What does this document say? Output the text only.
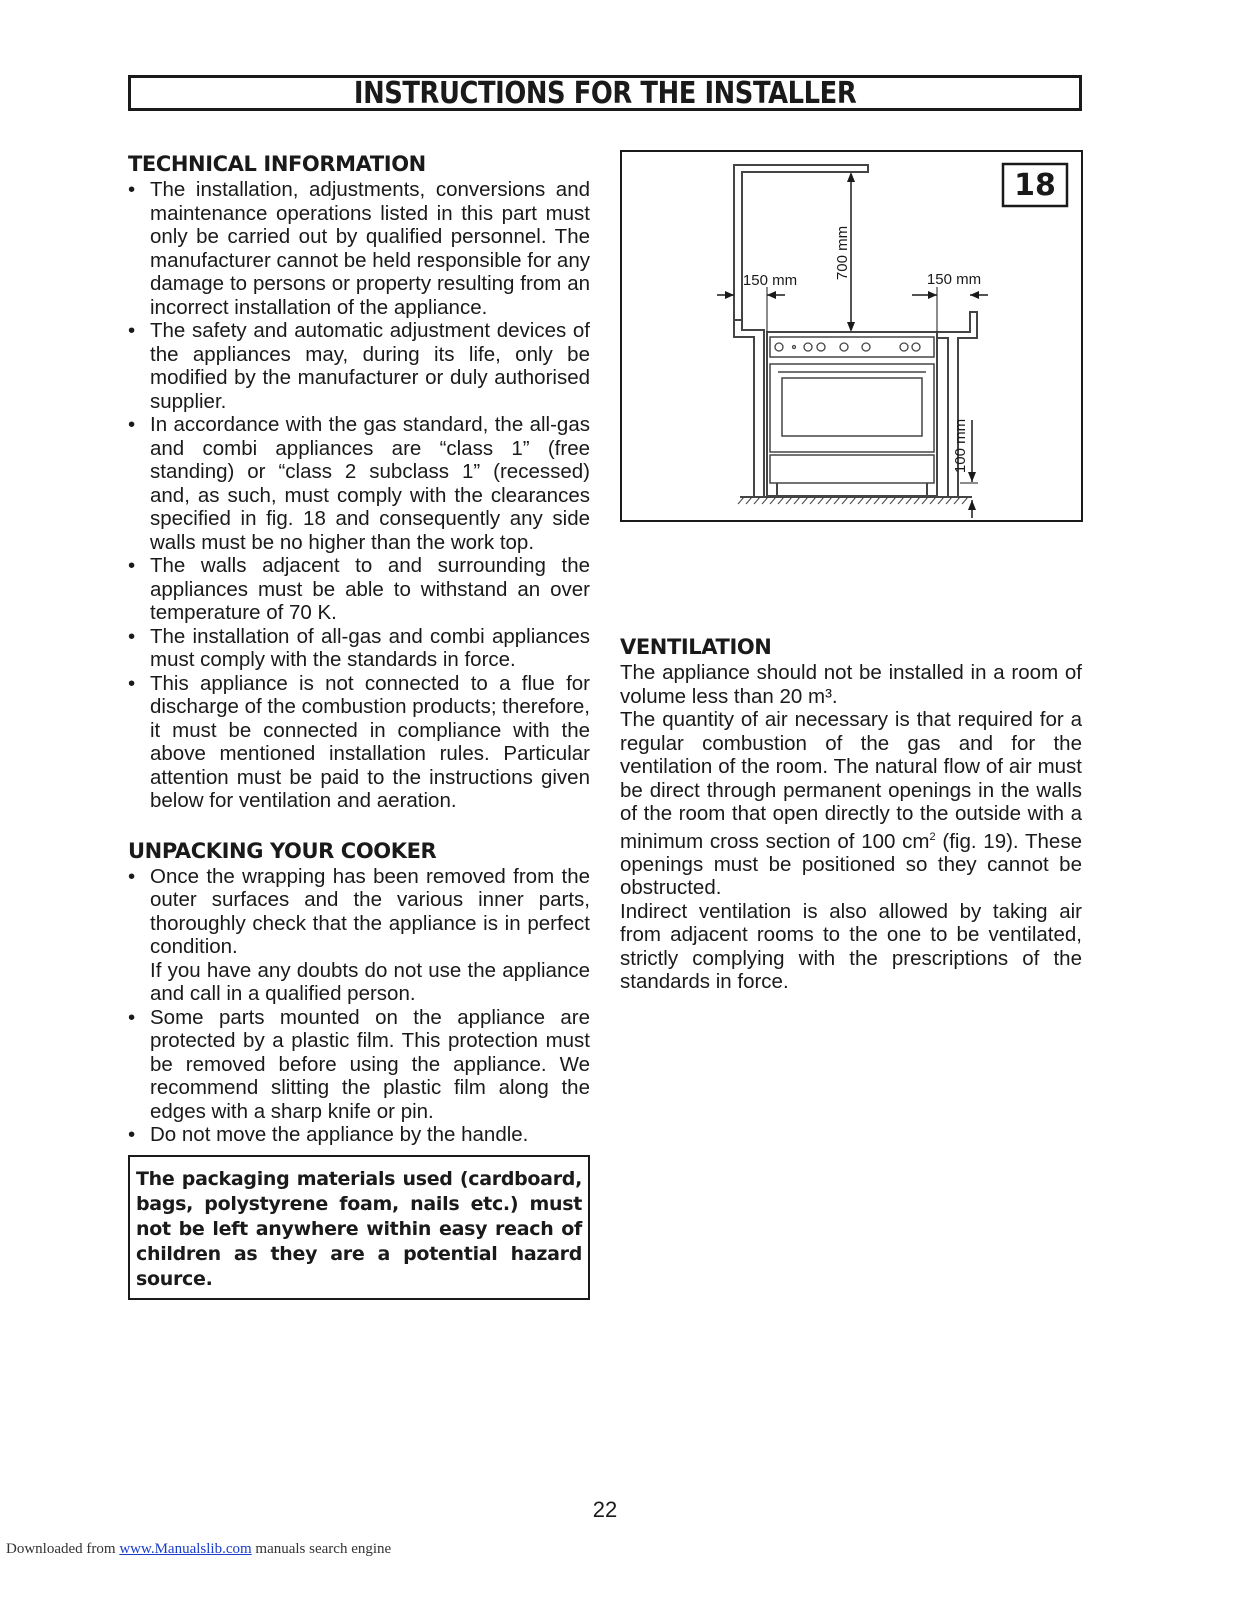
INSTRUCTIONS FOR THE INSTALLER
TECHNICAL INFORMATION
• The installation, adjustments, conversions and maintenance operations listed in this part must only be carried out by qualified personnel. The manufacturer cannot be held responsible for any damage to persons or property resulting from an incorrect installation of the appliance.
• The safety and automatic adjustment devices of the appliances may, during its life, only be modified by the manufacturer or duly authorised supplier.
• In accordance with the gas standard, the all-gas and combi appliances are “class 1” (free standing) or “class 2 subclass 1” (recessed) and, as such, must comply with the clearances specified in fig. 18 and consequently any side walls must be no higher than the work top.
• The walls adjacent to and surrounding the appliances must be able to withstand an over temperature of 70 K.
• The installation of all-gas and combi appliances must comply with the standards in force.
• This appliance is not connected to a flue for discharge of the combustion products; therefore, it must be connected in compliance with the above mentioned installation rules. Particular attention must be paid to the instructions given below for ventilation and aeration.
UNPACKING YOUR COOKER
• Once the wrapping has been removed from the outer surfaces and the various inner parts, thoroughly check that the appliance is in perfect condition.
If you have any doubts do not use the appliance and call in a qualified person.
• Some parts mounted on the appliance are protected by a plastic film. This protection must be removed before using the appliance. We recommend slitting the plastic film along the edges with a sharp knife or pin.
• Do not move the appliance by the handle.
The packaging materials used (cardboard, bags, polystyrene foam, nails etc.) must not be left anywhere within easy reach of children as they are a potential hazard source.
18
700 mm
150 mm	150 mm
100 mm
VENTILATION

The appliance should not be installed in a room of volume less than 20 m³.

The quantity of air necessary is that required for a regular combustion of the gas and for the ventilation of the room. The natural flow of air must be direct through permanent openings in the walls of the room that open directly to the outside with a minimum cross section of 100 $cm^2$ (fig. 19). These openings must be positioned so they cannot be obstructed.

Indirect ventilation is also allowed by taking air from adjacent rooms to the one to be ventilated, strictly complying with the prescriptions of the standards in force.

22
Downloaded from www.Manualslib.com manuals search engine
